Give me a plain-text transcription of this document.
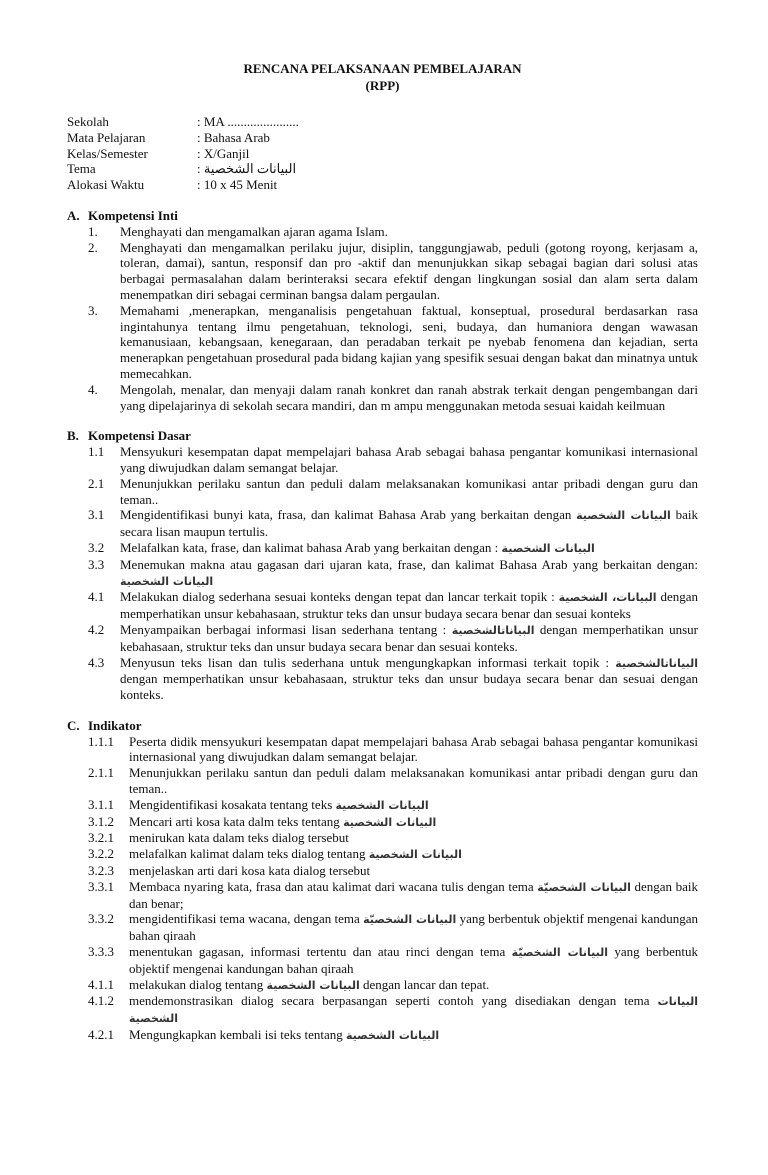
RENCANA PELAKSANAAN PEMBELAJARAN
(RPP)
Sekolah	: MA ......................
Mata Pelajaran	: Bahasa Arab
Kelas/Semester	: X/Ganjil
Tema	: البيانات الشخصية
Alokasi Waktu	: 10 x 45 Menit
A. Kompetensi Inti
1.	Menghayati dan mengamalkan ajaran agama Islam.
2.	Menghayati dan mengamalkan perilaku jujur, disiplin, tanggungjawab, peduli (gotong royong, kerjasam a, toleran, damai), santun, responsif dan pro -aktif dan menunjukkan sikap sebagai bagian dari solusi atas berbagai permasalahan dalam berinteraksi secara efektif dengan lingkungan sosial dan alam serta dalam menempatkan diri sebagai cerminan bangsa dalam pergaulan.
3.	Memahami ,menerapkan, menganalisis pengetahuan faktual, konseptual, prosedural berdasarkan rasa ingintahunya tentang ilmu pengetahuan, teknologi, seni, budaya, dan humaniora dengan wawasan kemanusiaan, kebangsaan, kenegaraan, dan peradaban terkait pe nyebab fenomena dan kejadian, serta menerapkan pengetahuan prosedural pada bidang kajian yang spesifik sesuai dengan bakat dan minatnya untuk memecahkan.
4.	Mengolah, menalar, dan menyaji dalam ranah konkret dan ranah abstrak terkait dengan pengembangan dari yang dipelajarinya di sekolah secara mandiri, dan m ampu menggunakan metoda sesuai kaidah keilmuan
B. Kompetensi Dasar
1.1	Mensyukuri kesempatan dapat mempelajari bahasa Arab sebagai bahasa pengantar komunikasi internasional yang diwujudkan dalam semangat belajar.
2.1	Menunjukkan perilaku santun dan peduli dalam melaksanakan komunikasi antar pribadi dengan guru dan teman..
3.1	Mengidentifikasi bunyi kata, frasa, dan kalimat Bahasa Arab yang berkaitan dengan البيانات الشخصية baik secara lisan maupun tertulis.
3.2	Melafalkan kata, frase, dan kalimat bahasa Arab yang berkaitan dengan : البيانات الشخصية
3.3	Menemukan makna atau gagasan dari ujaran kata, frase, dan kalimat Bahasa Arab yang berkaitan dengan: البيانات الشخصية
4.1	Melakukan dialog sederhana sesuai konteks dengan tepat dan lancar terkait topik : البيانات، الشخصية dengan memperhatikan unsur kebahasaan, struktur teks dan unsur budaya secara benar dan sesuai konteks
4.2	Menyampaikan berbagai informasi lisan sederhana tentang : البياناتالشخصية dengan memperhatikan unsur kebahasaan, struktur teks dan unsur budaya secara benar dan sesuai konteks.
4.3	Menyusun teks lisan dan tulis sederhana untuk mengungkapkan informasi terkait topik : البياناتالشخصية dengan memperhatikan unsur kebahasaan, struktur teks dan unsur budaya secara benar dan sesuai dengan konteks.
C. Indikator
1.1.1	Peserta didik mensyukuri kesempatan dapat mempelajari bahasa Arab sebagai bahasa pengantar komunikasi internasional yang diwujudkan dalam semangat belajar.
2.1.1	Menunjukkan perilaku santun dan peduli dalam melaksanakan komunikasi antar pribadi dengan guru dan teman..
3.1.1	Mengidentifikasi kosakata tentang teks البيانات الشخصية
3.1.2	Mencari arti kosa kata dalm teks tentang البيانات الشخصية
3.2.1	menirukan kata dalam teks dialog tersebut
3.2.2	melafalkan kalimat dalam teks dialog tentang البيانات الشخصية
3.2.3	menjelaskan arti dari kosa kata dialog tersebut
3.3.1	Membaca nyaring kata, frasa dan atau kalimat dari wacana tulis dengan tema البيانات الشخصيّة dengan baik dan benar;
3.3.2	mengidentifikasi tema wacana, dengan tema البيانات الشخصيّة yang berbentuk objektif mengenai kandungan bahan qiraah
3.3.3	menentukan gagasan, informasi tertentu dan atau rinci dengan tema البيانات الشخصيّة yang berbentuk objektif mengenai kandungan bahan qiraah
4.1.1	melakukan dialog tentang البيانات الشخصية dengan lancar dan tepat.
4.1.2	mendemonstrasikan dialog secara berpasangan seperti contoh yang disediakan dengan tema البيانات الشخصية
4.2.1	Mengungkapkan kembali isi teks tentang البيانات الشخصية
